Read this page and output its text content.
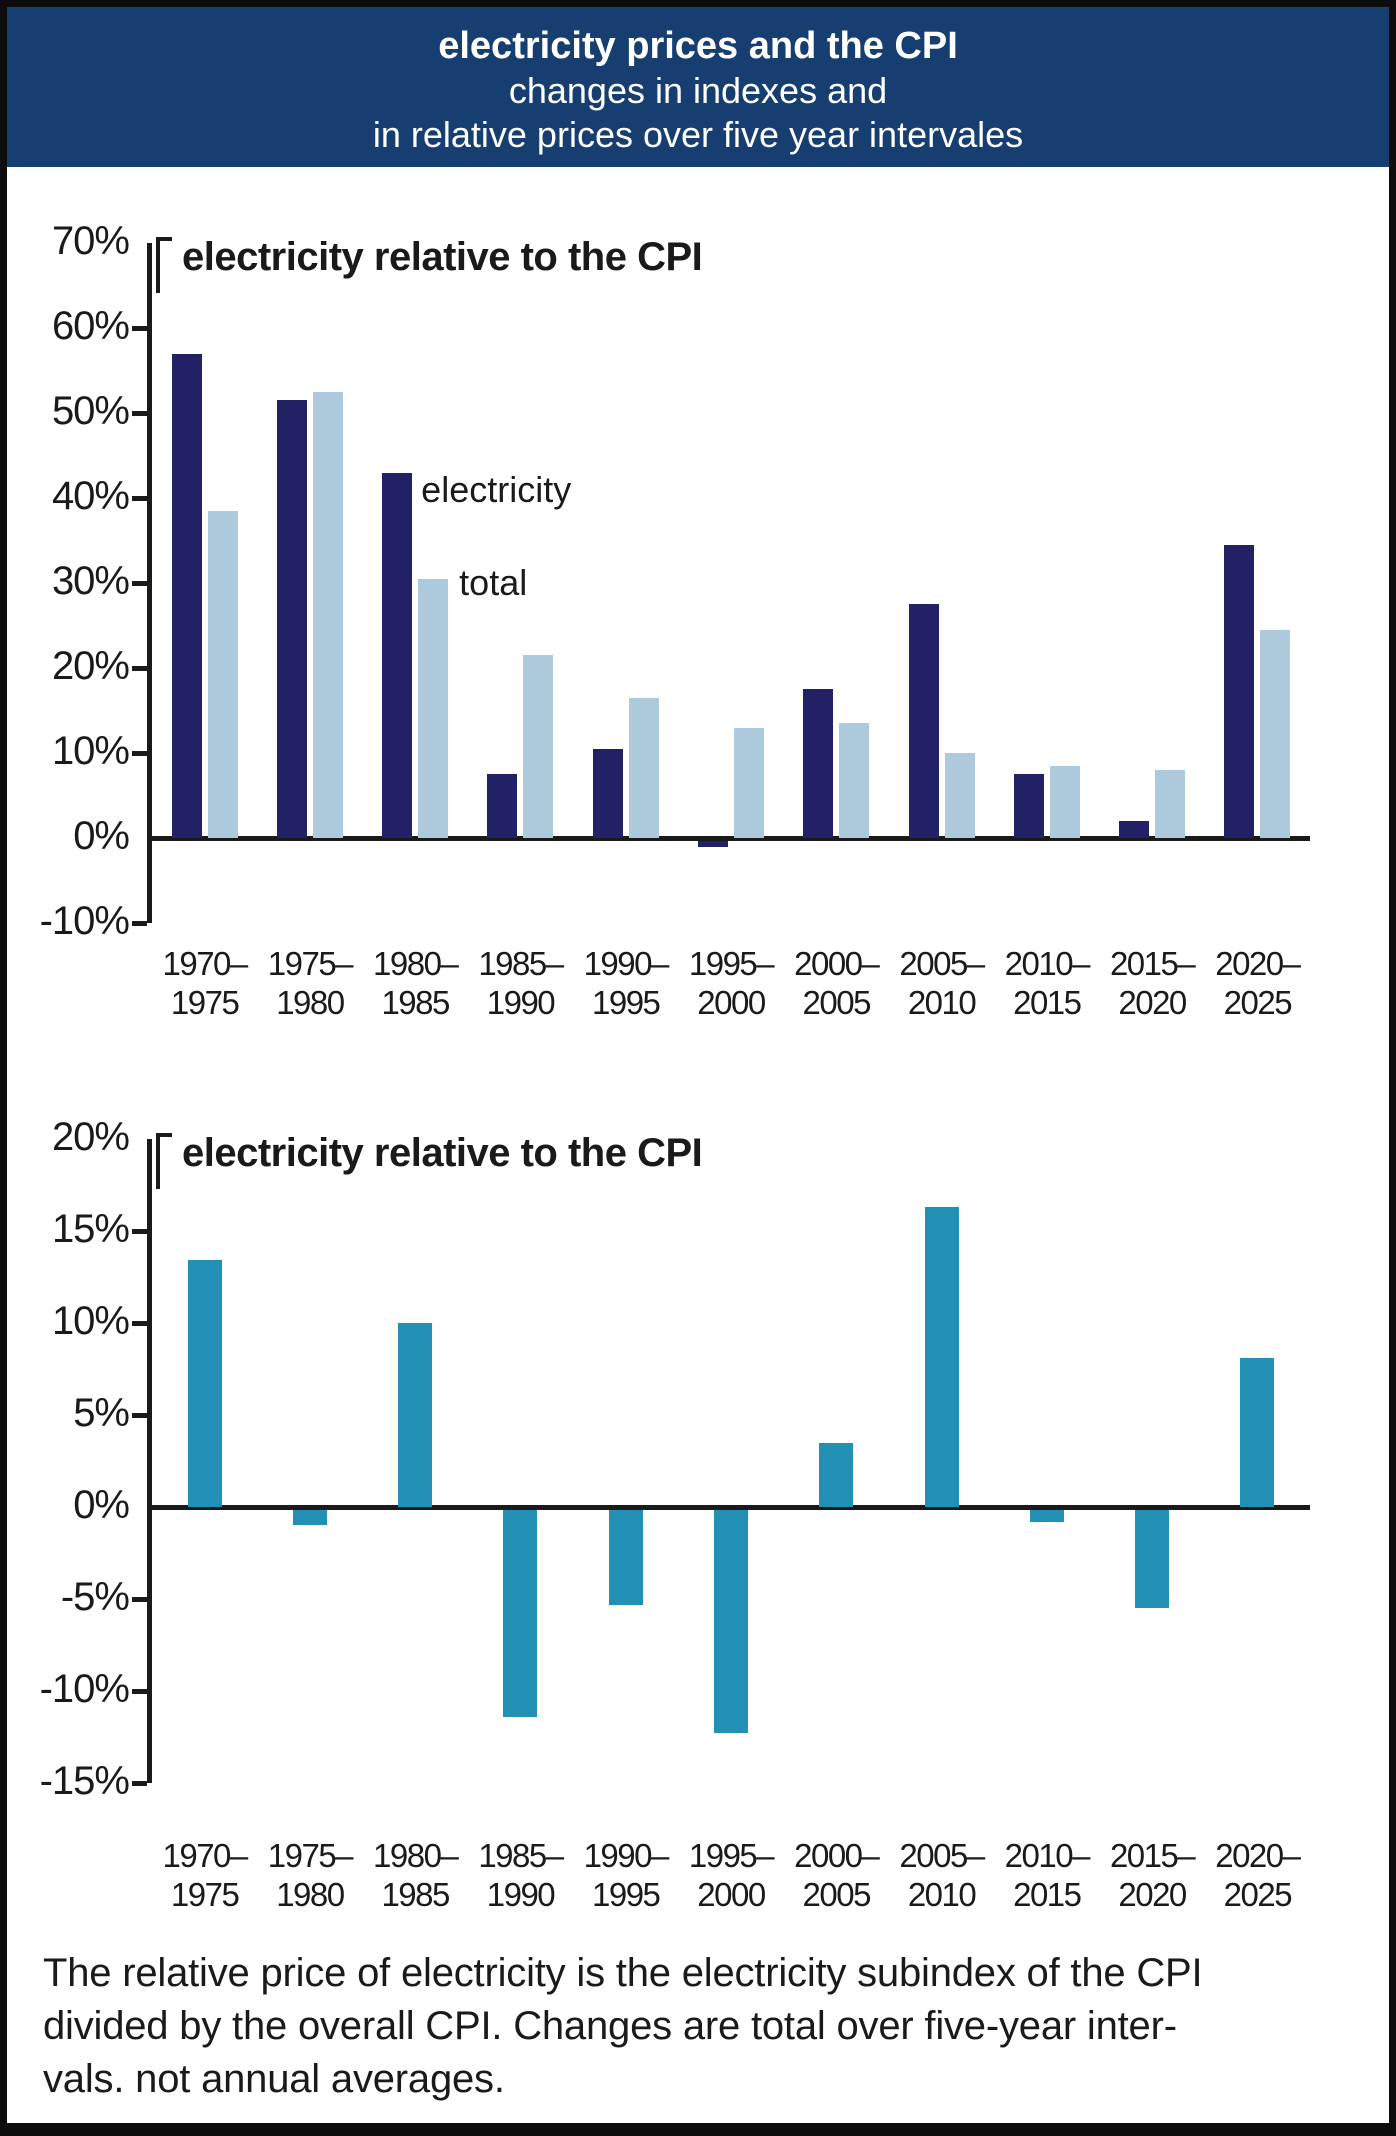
electricity prices and the CPI
changes in indexes and
in relative prices over five year intervales
70%
60%
50%
40%
30%
20%
10%
0%
-10%
electricity relative to the CPI
electricity
total
1970–
1975
1975–
1980
1980–
1985
1985–
1990
1990–
1995
1995–
2000
2000–
2005
2005–
2010
2010–
2015
2015–
2020
2020–
2025
20%
15%
10%
5%
0%
-5%
-10%
-15%
electricity relative to the CPI
1970–
1975
1975–
1980
1980–
1985
1985–
1990
1990–
1995
1995–
2000
2000–
2005
2005–
2010
2010–
2015
2015–
2020
2020–
2025
The relative price of electricity is the electricity subindex of the CPI
divided by the overall CPI. Changes are total over five-year inter-
vals. not annual averages.
